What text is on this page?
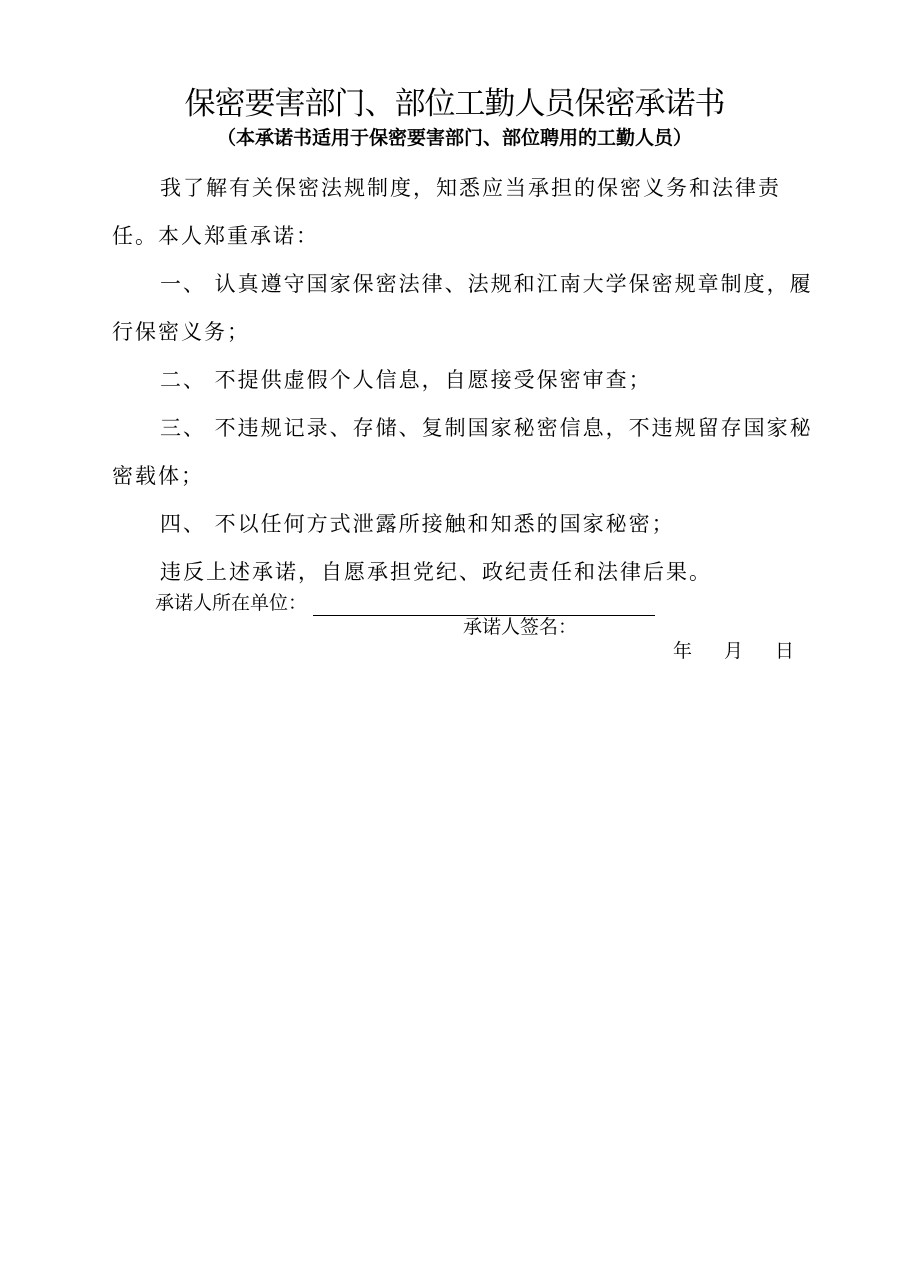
保密要害部门、部位工勤人员保密承诺书
（本承诺书适用于保密要害部门、部位聘用的工勤人员）

我了解有关保密法规制度，知悉应当承担的保密义务和法律责任。本人郑重承诺：

一、 认真遵守国家保密法律、法规和江南大学保密规章制度，履行保密义务；

二、 不提供虚假个人信息，自愿接受保密审查；

三、 不违规记录、存储、复制国家秘密信息，不违规留存国家秘密载体；

四、 不以任何方式泄露所接触和知悉的国家秘密；

违反上述承诺，自愿承担党纪、政纪责任和法律后果。

承诺人所在单位：
承诺人签名：
年 月 日
